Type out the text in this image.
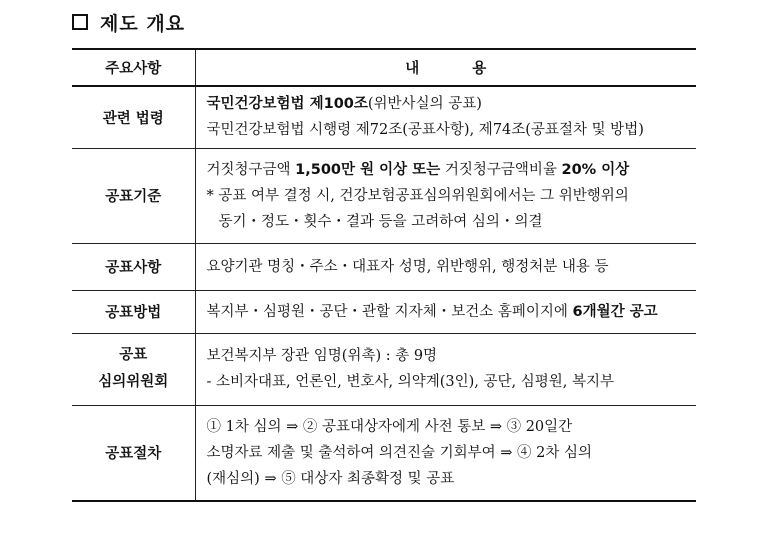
제도 개요
주요사항	내 용
관련 법령	국민건강보험법 제100조(위반사실의 공표)
국민건강보험법 시행령 제72조(공표사항), 제74조(공표절차 및 방법)

공표기준	거짓청구금액 1,500만 원 이상 또는 거짓청구금액비율 20% 이상
* 공표 여부 결정 시, 건강보험공표심의위원회에서는 그 위반행위의
동기・정도・횟수・결과 등을 고려하여 심의・의결

공표사항	요양기관 명칭・주소・대표자 성명, 위반행위, 행정처분 내용 등

공표방법	복지부・심평원・공단・관할 지자체・보건소 홈페이지에 6개월간 공고

공표
심의위원회	보건복지부 장관 임명(위촉) : 총 9명
- 소비자대표, 언론인, 변호사, 의약계(3인), 공단, 심평원, 복지부

공표절차	① 1차 심의 ⇒ ② 공표대상자에게 사전 통보 ⇒ ③ 20일간
소명자료 제출 및 출석하여 의견진술 기회부여 ⇒ ④ 2차 심의
(재심의) ⇒ ⑤ 대상자 최종확정 및 공표
